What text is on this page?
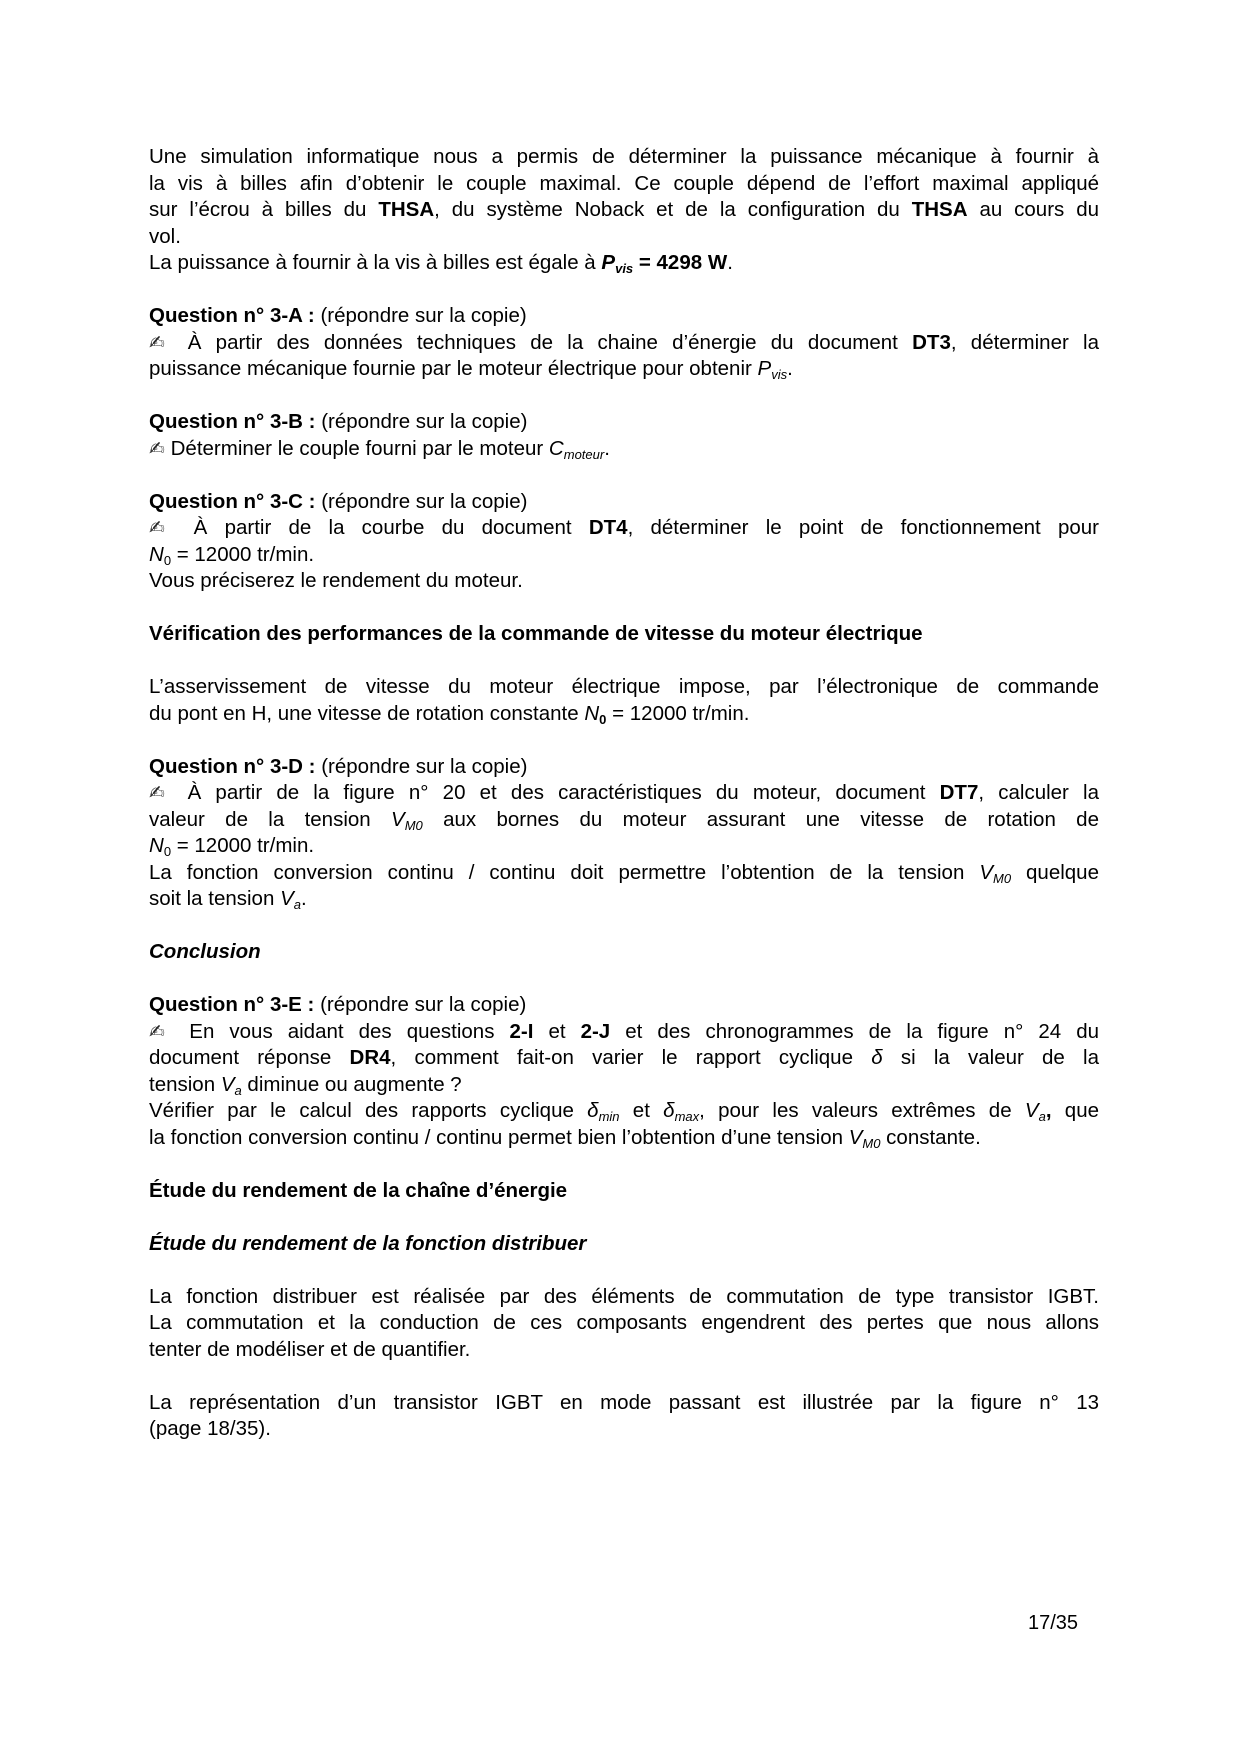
Une simulation informatique nous a permis de déterminer la puissance mécanique à fournir à

la vis à billes afin d’obtenir le couple maximal. Ce couple dépend de l’effort maximal appliqué

sur l’écrou à billes du THSA, du système Noback et de la configuration du THSA au cours du

vol.

La puissance à fournir à la vis à billes est égale à $P_{vis} = 4298$ W.

Question n° 3-A : (répondre sur la copie)

✍ À partir des données techniques de la chaine d’énergie du document DT3, déterminer la

puissance mécanique fournie par le moteur électrique pour obtenir $P_{vis}$.

Question n° 3-B : (répondre sur la copie)

✍ Déterminer le couple fourni par le moteur $C_{moteur}$.

Question n° 3-C : (répondre sur la copie)

✍ À partir de la courbe du document DT4, déterminer le point de fonctionnement pour

$N_0 = 12000$ tr/min.

Vous préciserez le rendement du moteur.

Vérification des performances de la commande de vitesse du moteur électrique

L’asservissement de vitesse du moteur électrique impose, par l’électronique de commande

du pont en H, une vitesse de rotation constante $N_0 = 12000$ tr/min.

Question n° 3-D : (répondre sur la copie)

✍ À partir de la figure n° 20 et des caractéristiques du moteur, document DT7, calculer la

valeur de la tension $V_{M0}$ aux bornes du moteur assurant une vitesse de rotation de

$N_0 = 12000$ tr/min.

La fonction conversion continu / continu doit permettre l’obtention de la tension $V_{M0}$ quelque

soit la tension $V_a$.

Conclusion

Question n° 3-E : (répondre sur la copie)

✍ En vous aidant des questions 2-I et 2-J et des chronogrammes de la figure n° 24 du

document réponse DR4, comment fait-on varier le rapport cyclique δ si la valeur de la

tension $V_a$ diminue ou augmente ?

Vérifier par le calcul des rapports cyclique $\delta_{min}$ et $\delta_{max}$, pour les valeurs extrêmes de $V_a$, que

la fonction conversion continu / continu permet bien l’obtention d’une tension $V_{M0}$ constante.

Étude du rendement de la chaîne d’énergie

Étude du rendement de la fonction distribuer

La fonction distribuer est réalisée par des éléments de commutation de type transistor IGBT.

La commutation et la conduction de ces composants engendrent des pertes que nous allons

tenter de modéliser et de quantifier.

La représentation d’un transistor IGBT en mode passant est illustrée par la figure n° 13

(page 18/35).

17/35
